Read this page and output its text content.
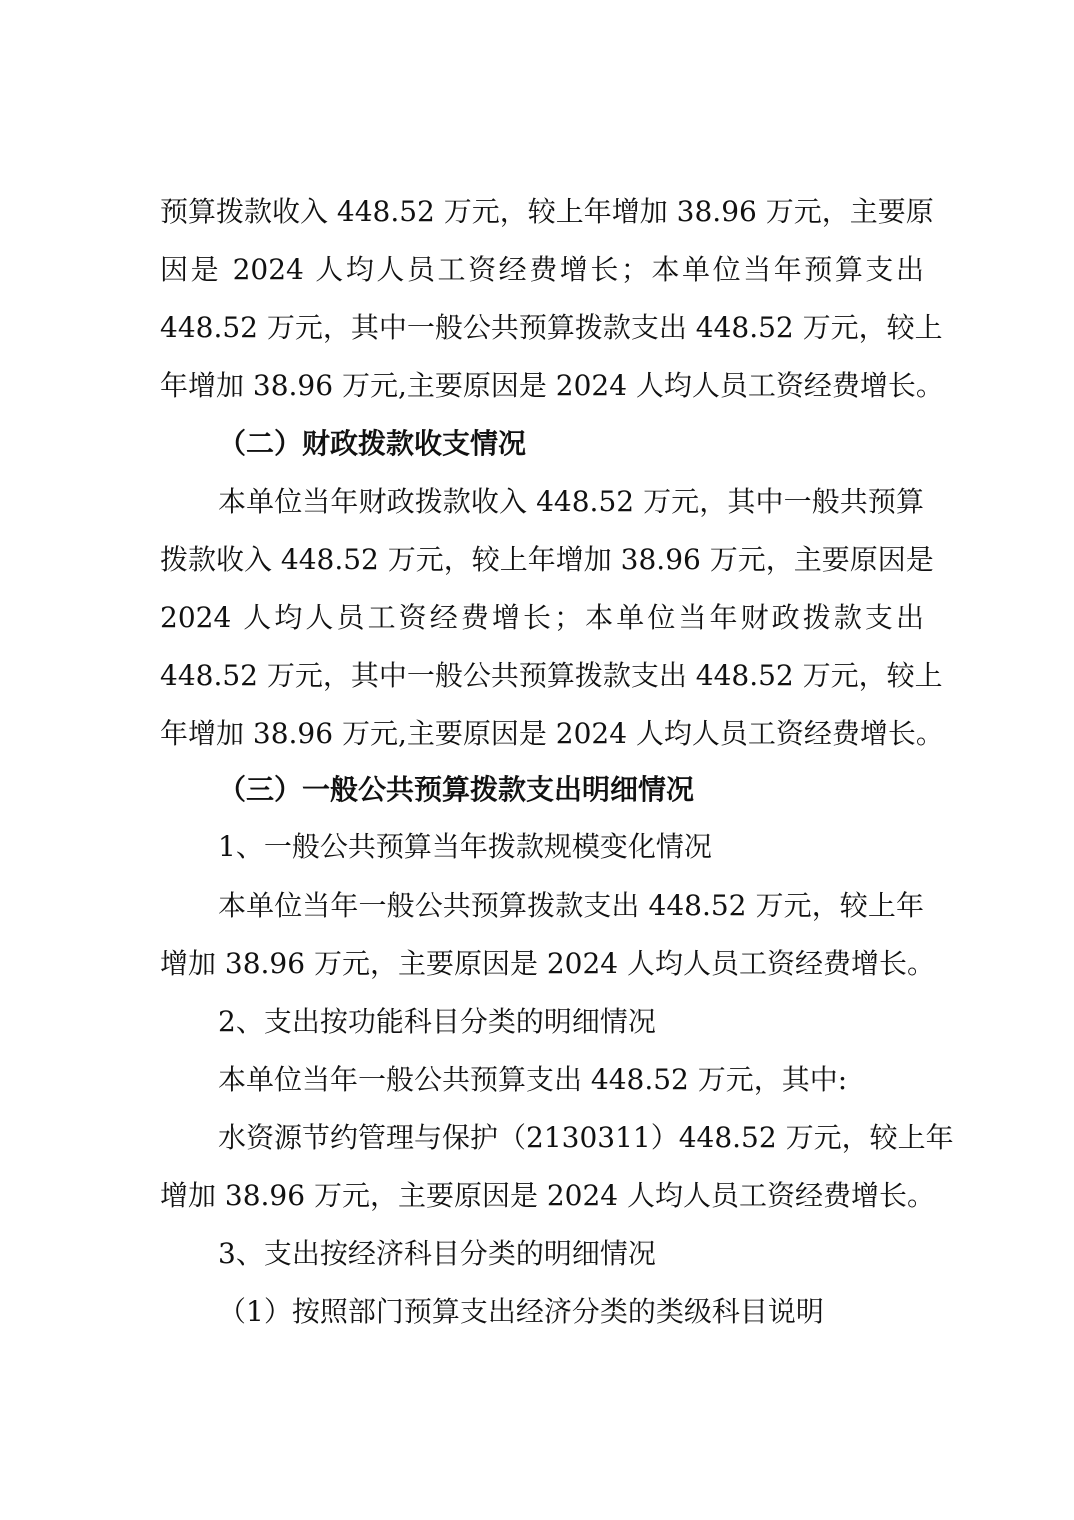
预算拨款收入 448.52 万元，较上年增加 38.96 万元，主要原
因是 2024 人均人员工资经费增长；本单位当年预算支出
448.52 万元，其中一般公共预算拨款支出 448.52 万元，较上
年增加 38.96 万元,主要原因是 2024 人均人员工资经费增长。
（二）财政拨款收支情况
本单位当年财政拨款收入 448.52 万元，其中一般共预算
拨款收入 448.52 万元，较上年增加 38.96 万元，主要原因是
2024 人均人员工资经费增长；本单位当年财政拨款支出
448.52 万元，其中一般公共预算拨款支出 448.52 万元，较上
年增加 38.96 万元,主要原因是 2024 人均人员工资经费增长。
（三）一般公共预算拨款支出明细情况
1、一般公共预算当年拨款规模变化情况
本单位当年一般公共预算拨款支出 448.52 万元，较上年
增加 38.96 万元，主要原因是 2024 人均人员工资经费增长。
2、支出按功能科目分类的明细情况
本单位当年一般公共预算支出 448.52 万元，其中:
水资源节约管理与保护（2130311）448.52 万元，较上年
增加 38.96 万元，主要原因是 2024 人均人员工资经费增长。
3、支出按经济科目分类的明细情况
（1）按照部门预算支出经济分类的类级科目说明
